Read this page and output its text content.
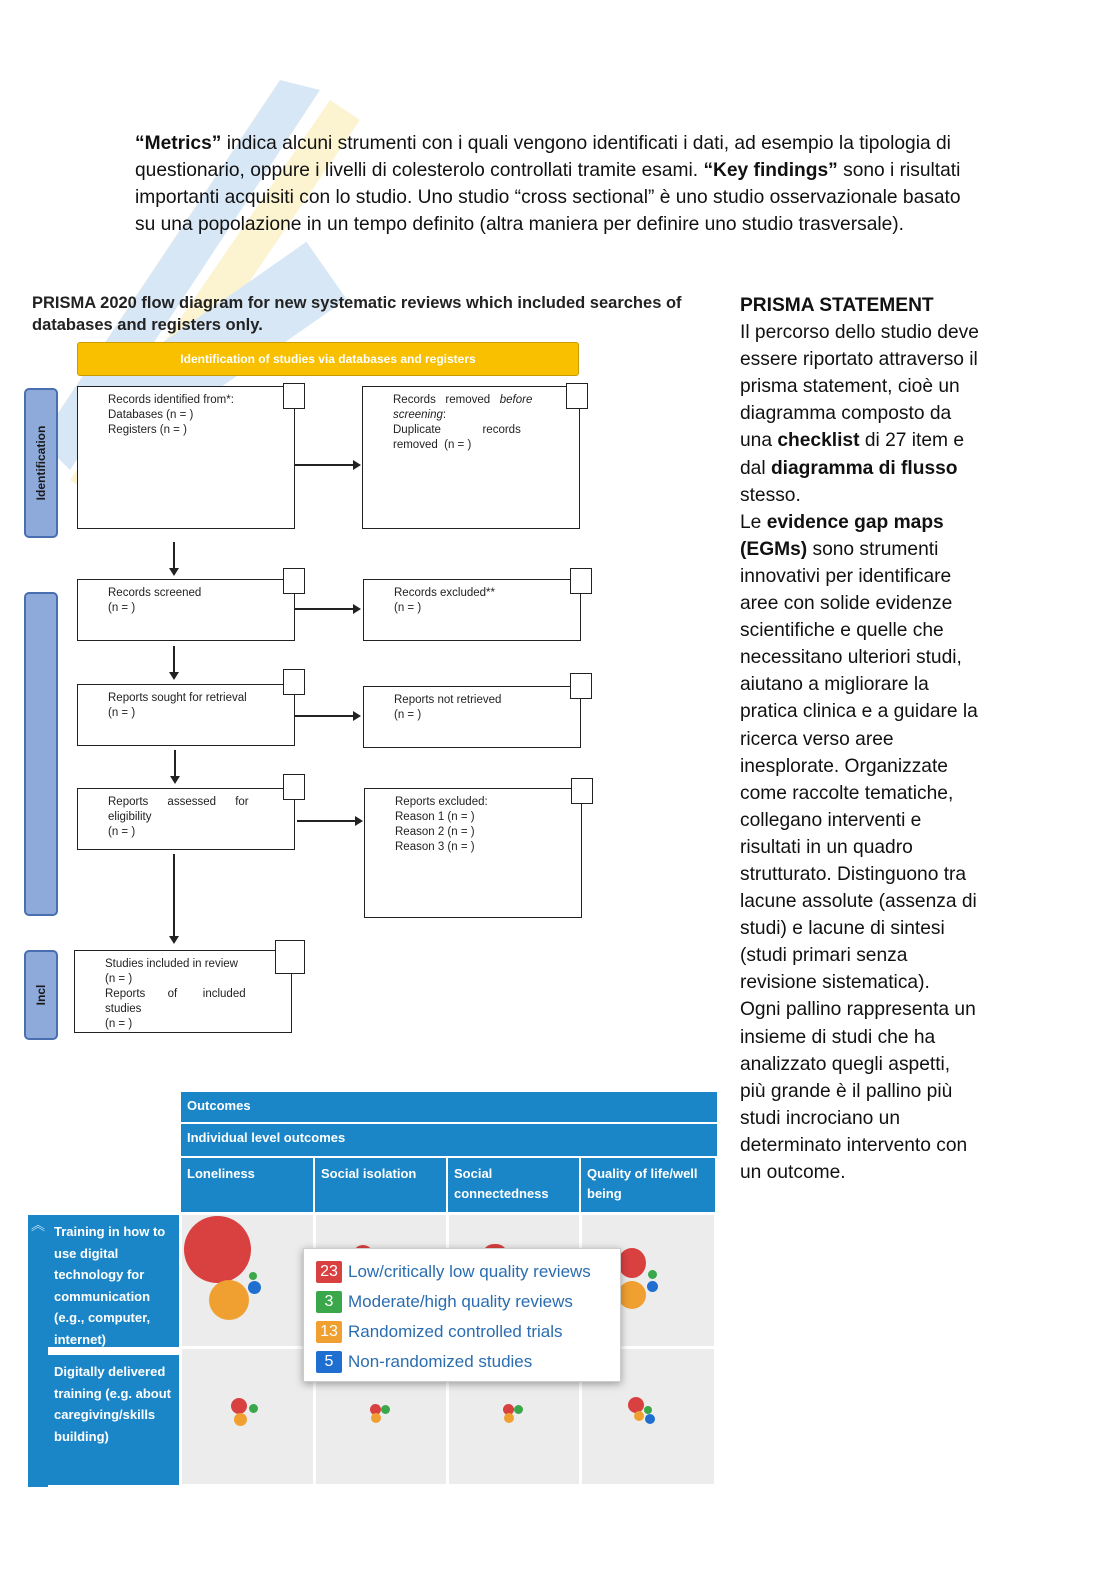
“Metrics” indica alcuni strumenti con i quali vengono identificati i dati, ad esempio la tipologia di questionario, oppure i livelli di colesterolo controllati tramite esami. “Key findings” sono i risultati importanti acquisiti con lo studio. Uno studio “cross sectional” è uno studio osservazionale basato su una popolazione in un tempo definito (altra maniera per definire uno studio trasversale).
PRISMA STATEMENT
Il percorso dello studio deve essere riportato attraverso il prisma statement, cioè un diagramma composto da una checklist di 27 item e dal diagramma di flusso stesso.
Le evidence gap maps (EGMs) sono strumenti innovativi per identificare aree con solide evidenze scientifiche e quelle che necessitano ulteriori studi, aiutano a migliorare la pratica clinica e a guidare la ricerca verso aree inesplorate. Organizzate come raccolte tematiche, collegano interventi e risultati in un quadro strutturato. Distinguono tra lacune assolute (assenza di studi) e lacune di sintesi (studi primari senza revisione sistematica).
Ogni pallino rappresenta un insieme di studi che ha analizzato quegli aspetti, più grande è il pallino più studi incrociano un determinato intervento con un outcome.
PRISMA 2020 flow diagram for new systematic reviews which included searches of databases and registers only.
Identification of studies via databases and registers
Identification
Incl
Records identified from*:
Databases (n = )
Registers (n = )
Records   removed   before screening:
Duplicate             records
removed  (n = )
Records screened
(n = )
Records excluded**
(n = )
Reports sought for retrieval
(n = )
Reports not retrieved
(n = )
Reports      assessed      for
eligibility
(n = )
Reports excluded:
Reason 1 (n = )
Reason 2 (n = )
Reason 3 (n = )
Studies included in review
(n = )
Reports       of        included
studies
(n = )
Outcomes
Individual level outcomes
Loneliness	Social isolation	Social connectedness
Quality of life/well being
︽ Training in how to use digital technology for communication (e.g., computer, internet)
Digitally delivered training (e.g. about caregiving/skills building)
23 Low/critically low quality reviews
3 Moderate/high quality reviews
13 Randomized controlled trials
5 Non-randomized studies
